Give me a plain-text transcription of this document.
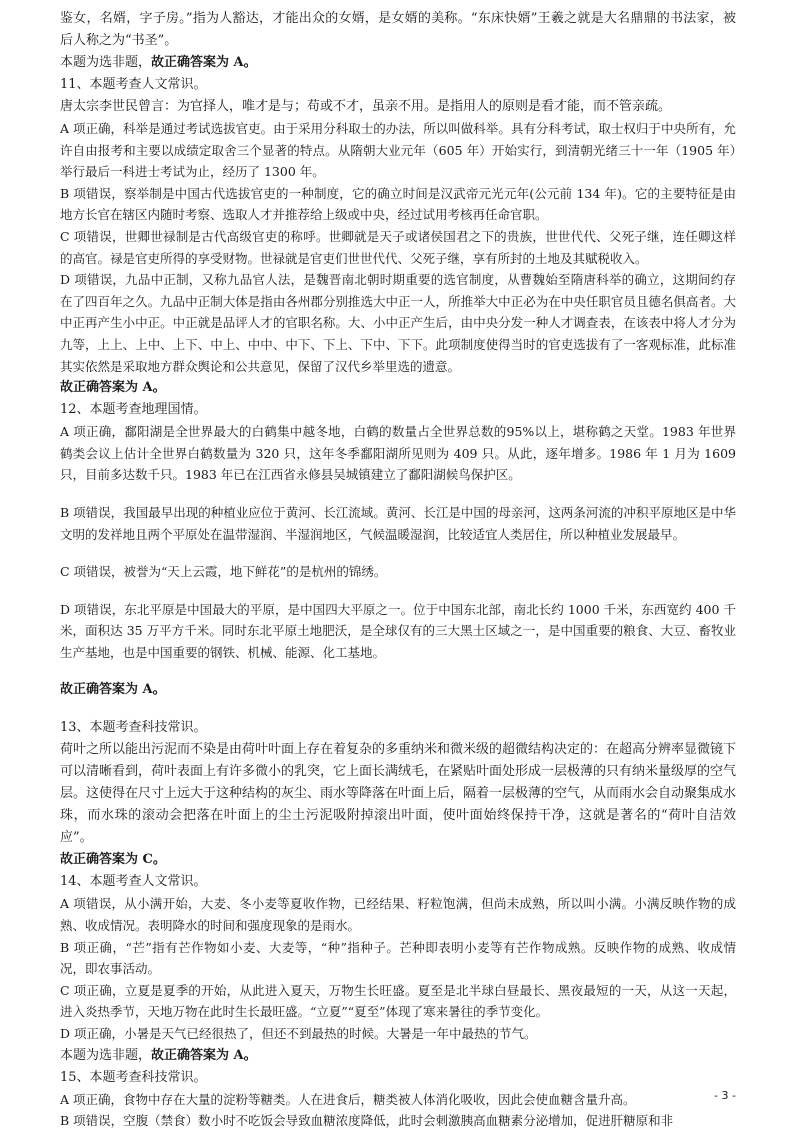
鉴女，名婿，字子房。”指为人豁达，才能出众的女婿，是女婿的美称。“东床快婿”王羲之就是大名鼎鼎的书法家，被后人称之为“书圣”。

本题为选非题，故正确答案为 A。

11、本题考查人文常识。

唐太宗李世民曾言：为官择人，唯才是与；苟或不才，虽亲不用。是指用人的原则是看才能，而不管亲疏。

A 项正确，科举是通过考试选拔官吏。由于采用分科取士的办法，所以叫做科举。具有分科考试，取士权归于中央所有，允许自由报考和主要以成绩定取舍三个显著的特点。从隋朝大业元年（605 年）开始实行，到清朝光绪三十一年（1905 年）举行最后一科进士考试为止，经历了 1300 年。

B 项错误，察举制是中国古代选拔官吏的一种制度，它的确立时间是汉武帝元光元年(公元前 134 年)。它的主要特征是由地方长官在辖区内随时考察、选取人才并推荐给上级或中央，经过试用考核再任命官职。

C 项错误，世卿世禄制是古代高级官吏的称呼。世卿就是天子或诸侯国君之下的贵族，世世代代、父死子继，连任卿这样的高官。禄是官吏所得的享受财物。世禄就是官吏们世世代代、父死子继，享有所封的土地及其赋税收入。

D 项错误，九品中正制，又称九品官人法，是魏晋南北朝时期重要的选官制度，从曹魏始至隋唐科举的确立，这期间约存在了四百年之久。九品中正制大体是指由各州郡分别推选大中正一人，所推举大中正必为在中央任职官员且德名俱高者。大中正再产生小中正。中正就是品评人才的官职名称。大、小中正产生后，由中央分发一种人才调查表，在该表中将人才分为九等，上上、上中、上下、中上、中中、中下、下上、下中、下下。此项制度使得当时的官吏选拔有了一客观标准，此标准其实依然是采取地方群众舆论和公共意见，保留了汉代乡举里选的遗意。

故正确答案为 A。

12、本题考查地理国情。

A 项正确，鄱阳湖是全世界最大的白鹤集中越冬地，白鹤的数量占全世界总数的95%以上，堪称鹤之天堂。1983 年世界鹤类会议上估计全世界白鹤数量为 320 只，这年冬季鄱阳湖所见则为 409 只。从此，逐年增多。1986 年 1 月为 1609 只，目前多达数千只。1983 年已在江西省永修县吴城镇建立了鄱阳湖候鸟保护区。

B 项错误，我国最早出现的种植业应位于黄河、长江流域。黄河、长江是中国的母亲河，这两条河流的冲积平原地区是中华文明的发祥地且两个平原处在温带湿润、半湿润地区，气候温暖湿润，比较适宜人类居住，所以种植业发展最早。

C 项错误，被誉为“天上云霞，地下鲜花”的是杭州的锦绣。

D 项错误，东北平原是中国最大的平原，是中国四大平原之一。位于中国东北部，南北长约 1000 千米，东西宽约 400 千米，面积达 35 万平方千米。同时东北平原土地肥沃，是全球仅有的三大黑土区域之一，是中国重要的粮食、大豆、畜牧业生产基地，也是中国重要的钢铁、机械、能源、化工基地。

故正确答案为 A。

13、本题考查科技常识。

荷叶之所以能出污泥而不染是由荷叶叶面上存在着复杂的多重纳米和微米级的超微结构决定的：在超高分辨率显微镜下可以清晰看到，荷叶表面上有许多微小的乳突，它上面长满绒毛，在紧贴叶面处形成一层极薄的只有纳米量级厚的空气层。这使得在尺寸上远大于这种结构的灰尘、雨水等降落在叶面上后，隔着一层极薄的空气，从而雨水会自动聚集成水珠，而水珠的滚动会把落在叶面上的尘土污泥吸附掉滚出叶面，使叶面始终保持干净，这就是著名的“荷叶自洁效应”。

故正确答案为 C。

14、本题考查人文常识。

A 项错误，从小满开始，大麦、冬小麦等夏收作物，已经结果、籽粒饱满，但尚未成熟，所以叫小满。小满反映作物的成熟、收成情况。表明降水的时间和强度现象的是雨水。

B 项正确，“芒”指有芒作物如小麦、大麦等，“种”指种子。芒种即表明小麦等有芒作物成熟。反映作物的成熟、收成情况，即农事活动。

C 项正确，立夏是夏季的开始，从此进入夏天，万物生长旺盛。夏至是北半球白昼最长、黑夜最短的一天，从这一天起，进入炎热季节，天地万物在此时生长最旺盛。“立夏”“夏至”体现了寒来暑往的季节变化。

D 项正确，小暑是天气已经很热了，但还不到最热的时候。大暑是一年中最热的节气。

本题为选非题，故正确答案为 A。

15、本题考查科技常识。

A 项正确，食物中存在大量的淀粉等糖类。人在进食后，糖类被人体消化吸收，因此会使血糖含量升高。

B 项错误，空腹（禁食）数小时不吃饭会导致血糖浓度降低，此时会刺激胰高血糖素分泌增加，促进肝糖原和非

- 3 -
